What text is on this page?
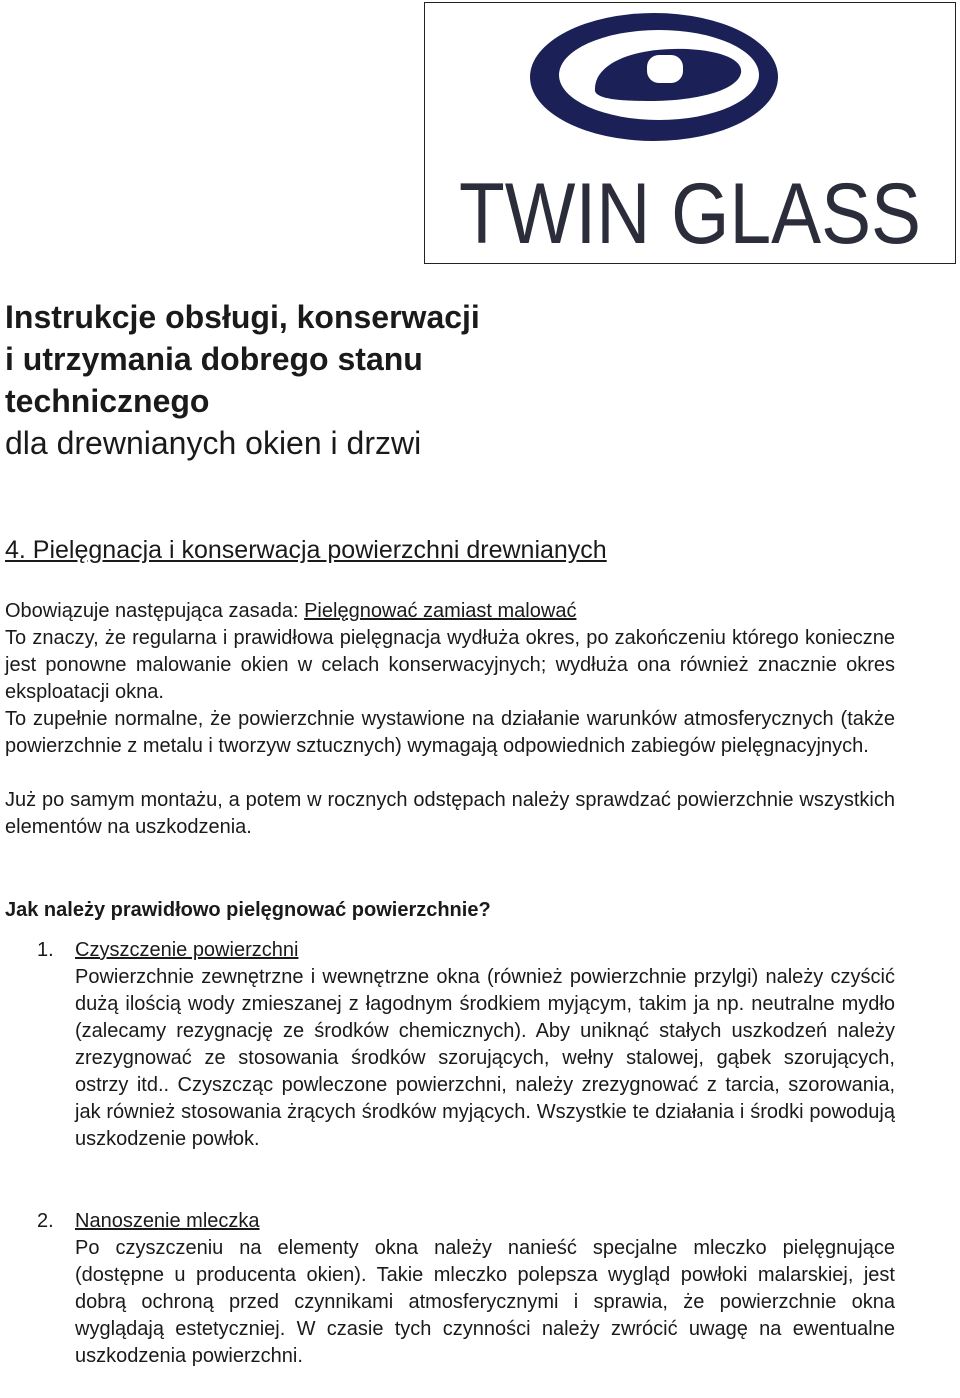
TWIN GLASS
Instrukcje obsługi, konserwacji
i utrzymania dobrego stanu
technicznego
dla drewnianych okien i drzwi
4. Pielęgnacja i konserwacja powierzchni drewnianych
Obowiązuje następująca zasada: Pielęgnować zamiast malować
To znaczy, że regularna i prawidłowa pielęgnacja wydłuża okres, po zakończeniu którego konieczne jest ponowne malowanie okien w celach konserwacyjnych; wydłuża ona również znacznie okres eksploatacji okna.
To zupełnie normalne, że powierzchnie wystawione na działanie warunków atmosferycznych (także powierzchnie z metalu i tworzyw sztucznych) wymagają odpowiednich zabiegów pielęgnacyjnych.
Już po samym montażu, a potem w rocznych odstępach należy sprawdzać powierzchnie wszystkich elementów na uszkodzenia.
Jak należy prawidłowo pielęgnować powierzchnie?
1. Czyszczenie powierzchni
Powierzchnie zewnętrzne i wewnętrzne okna (również powierzchnie przylgi) należy czyścić dużą ilością wody zmieszanej z łagodnym środkiem myjącym, takim ja np. neutralne mydło (zalecamy rezygnację ze środków chemicznych). Aby uniknąć stałych uszkodzeń należy zrezygnować ze stosowania środków szorujących, wełny stalowej, gąbek szorujących, ostrzy itd.. Czyszcząc powleczone powierzchni, należy zrezygnować z tarcia, szorowania, jak również stosowania żrących środków myjących. Wszystkie te działania i środki powodują uszkodzenie powłok.
2. Nanoszenie mleczka
Po czyszczeniu na elementy okna należy nanieść specjalne mleczko pielęgnujące (dostępne u producenta okien). Takie mleczko polepsza wygląd powłoki malarskiej, jest dobrą ochroną przed czynnikami atmosferycznymi i sprawia, że powierzchnie okna wyglądają estetyczniej. W czasie tych czynności należy zwrócić uwagę na ewentualne uszkodzenia powierzchni.
